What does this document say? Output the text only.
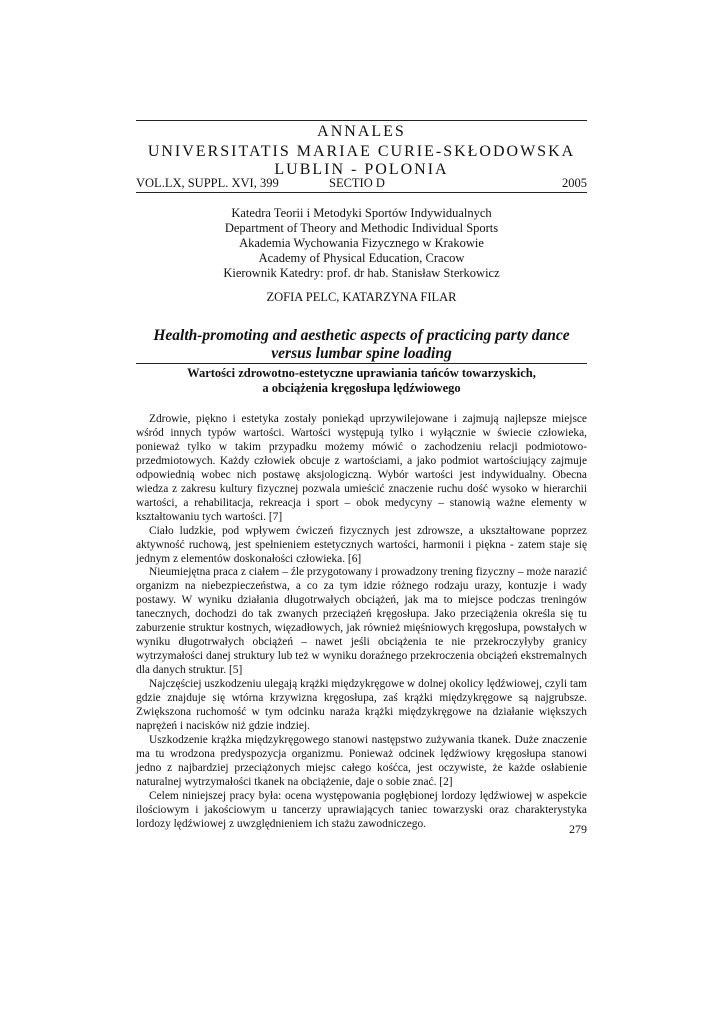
ANNALES
UNIVERSITATIS MARIAE CURIE-SKŁODOWSKA
LUBLIN - POLONIA
VOL.LX, SUPPL. XVI, 399	SECTIO D	2005
Katedra Teorii i Metodyki Sportów Indywidualnych
Department of Theory and Methodic Individual Sports
Akademia Wychowania Fizycznego w Krakowie
Academy of Physical Education, Cracow
Kierownik Katedry: prof. dr hab. Stanisław Sterkowicz
ZOFIA PELC, KATARZYNA FILAR
Health-promoting and aesthetic aspects of practicing party dance
versus lumbar spine loading
Wartości zdrowotno-estetyczne uprawiania tańców towarzyskich,
a obciążenia kręgosłupa lędźwiowego

Zdrowie, piękno i estetyka zostały poniekąd uprzywilejowane i zajmują najlepsze miejsce wśród innych typów wartości. Wartości występują tylko i wyłącznie w świecie człowieka, ponieważ tylko w takim przypadku możemy mówić o zachodzeniu relacji podmiotowo-przedmiotowych. Każdy człowiek obcuje z wartościami, a jako podmiot wartościujący zajmuje odpowiednią wobec nich postawę aksjologiczną. Wybór wartości jest indywidualny. Obecna wiedza z zakresu kultury fizycznej pozwala umieścić znaczenie ruchu dość wysoko w hierarchii wartości, a rehabilitacja, rekreacja i sport – obok medycyny – stanowią ważne elementy w kształtowaniu tych wartości. [7]

Ciało ludzkie, pod wpływem ćwiczeń fizycznych jest zdrowsze, a ukształtowane poprzez aktywność ruchową, jest spełnieniem estetycznych wartości, harmonii i piękna - zatem staje się jednym z elementów doskonałości człowieka. [6]

Nieumiejętna praca z ciałem – źle przygotowany i prowadzony trening fizyczny – może narazić organizm na niebezpieczeństwa, a co za tym idzie różnego rodzaju urazy, kontuzje i wady postawy. W wyniku działania długotrwałych obciążeń, jak ma to miejsce podczas treningów tanecznych, dochodzi do tak zwanych przeciążeń kręgosłupa. Jako przeciążenia określa się tu zaburzenie struktur kostnych, więzadłowych, jak również mięśniowych kręgosłupa, powstałych w wyniku długotrwałych obciążeń – nawet jeśli obciążenia te nie przekroczyłyby granicy wytrzymałości danej struktury lub też w wyniku doraźnego przekroczenia obciążeń ekstremalnych dla danych struktur. [5]

Najczęściej uszkodzeniu ulegają krążki międzykręgowe w dolnej okolicy lędźwiowej, czyli tam gdzie znajduje się wtórna krzywizna kręgosłupa, zaś krążki międzykręgowe są najgrubsze. Zwiększona ruchomość w tym odcinku naraża krążki międzykręgowe na działanie większych naprężeń i nacisków niż gdzie indziej.

Uszkodzenie krążka międzykręgowego stanowi następstwo zużywania tkanek. Duże znaczenie ma tu wrodzona predyspozycja organizmu. Ponieważ odcinek lędźwiowy kręgosłupa stanowi jedno z najbardziej przeciążonych miejsc całego kośćca, jest oczywiste, że każde osłabienie naturalnej wytrzymałości tkanek na obciążenie, daje o sobie znać. [2]

Celem niniejszej pracy była: ocena występowania pogłębionej lordozy lędźwiowej w aspekcie ilościowym i jakościowym u tancerzy uprawiających taniec towarzyski oraz charakterystyka lordozy lędźwiowej z uwzględnieniem ich stażu zawodniczego.	279
